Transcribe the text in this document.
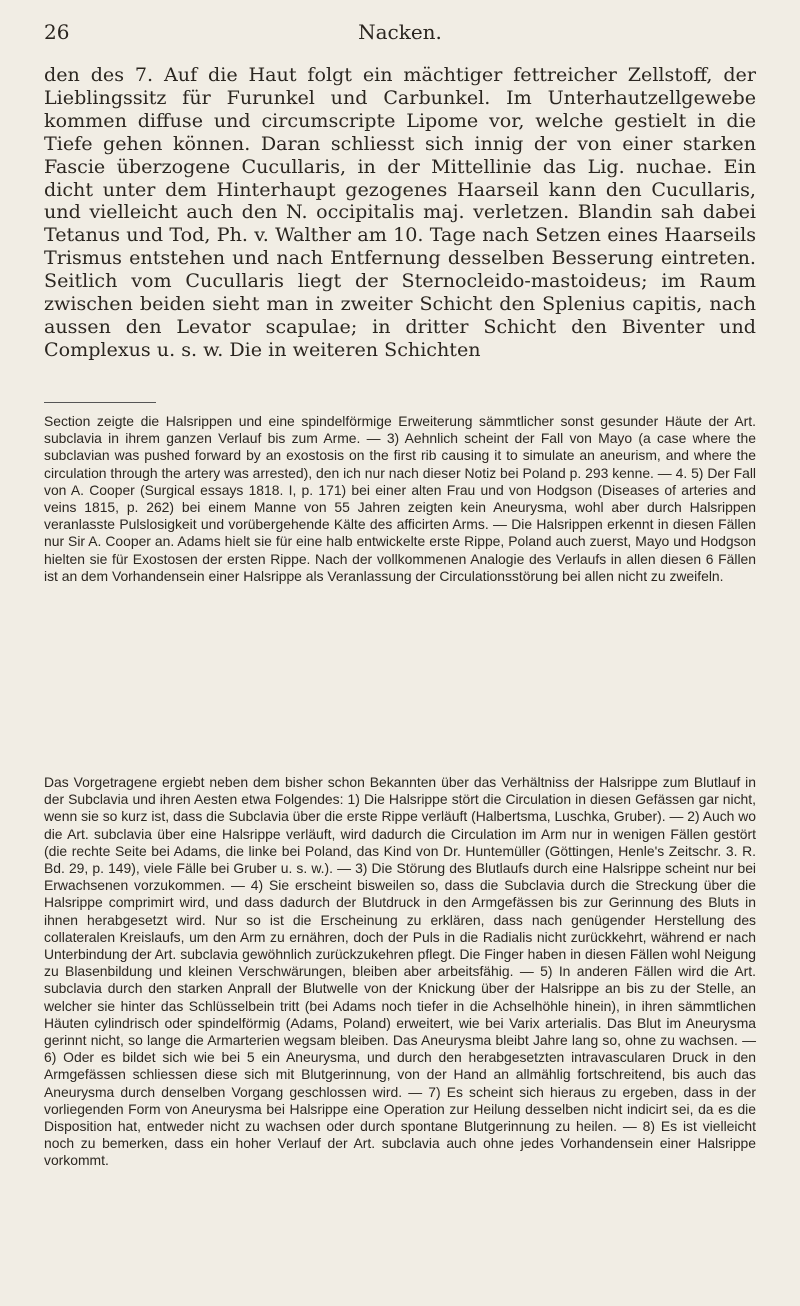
26	Nacken.

den des 7. Auf die Haut folgt ein mächtiger fettreicher Zellstoff, der Lieblingssitz für Furunkel und Carbunkel. Im Unterhautzellgewebe kommen diffuse und circumscripte Lipome vor, welche gestielt in die Tiefe gehen können. Daran schliesst sich innig der von einer starken Fascie überzogene Cucullaris, in der Mittellinie das Lig. nuchae. Ein dicht unter dem Hinterhaupt gezogenes Haarseil kann den Cucullaris, und vielleicht auch den N. occipitalis maj. verletzen. Blandin sah dabei Tetanus und Tod, Ph. v. Walther am 10. Tage nach Setzen eines Haarseils Trismus entstehen und nach Entfernung desselben Besserung eintreten. Seitlich vom Cucullaris liegt der Sternocleido-mastoideus; im Raum zwischen beiden sieht man in zweiter Schicht den Splenius capitis, nach aussen den Levator scapulae; in dritter Schicht den Biventer und Complexus u. s. w. Die in weiteren Schichten

Section zeigte die Halsrippen und eine spindelförmige Erweiterung sämmtlicher sonst gesunder Häute der Art. subclavia in ihrem ganzen Verlauf bis zum Arme. — 3) Aehnlich scheint der Fall von Mayo (a case where the subclavian was pushed forward by an exostosis on the first rib causing it to simulate an aneurism, and where the circulation through the artery was arrested), den ich nur nach dieser Notiz bei Poland p. 293 kenne. — 4. 5) Der Fall von A. Cooper (Surgical essays 1818. I, p. 171) bei einer alten Frau und von Hodgson (Diseases of arteries and veins 1815, p. 262) bei einem Manne von 55 Jahren zeigten kein Aneurysma, wohl aber durch Halsrippen veranlasste Pulslosigkeit und vorübergehende Kälte des afficirten Arms. — Die Halsrippen erkennt in diesen Fällen nur Sir A. Cooper an. Adams hielt sie für eine halb entwickelte erste Rippe, Poland auch zuerst, Mayo und Hodgson hielten sie für Exostosen der ersten Rippe. Nach der vollkommenen Analogie des Verlaufs in allen diesen 6 Fällen ist an dem Vorhandensein einer Halsrippe als Veranlassung der Circulationsstörung bei allen nicht zu zweifeln.

Das Vorgetragene ergiebt neben dem bisher schon Bekannten über das Verhältniss der Halsrippe zum Blutlauf in der Subclavia und ihren Aesten etwa Folgendes: 1) Die Halsrippe stört die Circulation in diesen Gefässen gar nicht, wenn sie so kurz ist, dass die Subclavia über die erste Rippe verläuft (Halbertsma, Luschka, Gruber). — 2) Auch wo die Art. subclavia über eine Halsrippe verläuft, wird dadurch die Circulation im Arm nur in wenigen Fällen gestört (die rechte Seite bei Adams, die linke bei Poland, das Kind von Dr. Huntemüller (Göttingen, Henle's Zeitschr. 3. R. Bd. 29, p. 149), viele Fälle bei Gruber u. s. w.). — 3) Die Störung des Blutlaufs durch eine Halsrippe scheint nur bei Erwachsenen vorzukommen. — 4) Sie erscheint bisweilen so, dass die Subclavia durch die Streckung über die Halsrippe comprimirt wird, und dass dadurch der Blutdruck in den Armgefässen bis zur Gerinnung des Bluts in ihnen herabgesetzt wird. Nur so ist die Erscheinung zu erklären, dass nach genügender Herstellung des collateralen Kreislaufs, um den Arm zu ernähren, doch der Puls in die Radialis nicht zurückkehrt, während er nach Unterbindung der Art. subclavia gewöhnlich zurückzukehren pflegt. Die Finger haben in diesen Fällen wohl Neigung zu Blasenbildung und kleinen Verschwärungen, bleiben aber arbeitsfähig. — 5) In anderen Fällen wird die Art. subclavia durch den starken Anprall der Blutwelle von der Knickung über der Halsrippe an bis zu der Stelle, an welcher sie hinter das Schlüsselbein tritt (bei Adams noch tiefer in die Achselhöhle hinein), in ihren sämmtlichen Häuten cylindrisch oder spindelförmig (Adams, Poland) erweitert, wie bei Varix arterialis. Das Blut im Aneurysma gerinnt nicht, so lange die Armarterien wegsam bleiben. Das Aneurysma bleibt Jahre lang so, ohne zu wachsen. — 6) Oder es bildet sich wie bei 5 ein Aneurysma, und durch den herabgesetzten intravascularen Druck in den Armgefässen schliessen diese sich mit Blutgerinnung, von der Hand an allmählig fortschreitend, bis auch das Aneurysma durch denselben Vorgang geschlossen wird. — 7) Es scheint sich hieraus zu ergeben, dass in der vorliegenden Form von Aneurysma bei Halsrippe eine Operation zur Heilung desselben nicht indicirt sei, da es die Disposition hat, entweder nicht zu wachsen oder durch spontane Blutgerinnung zu heilen. — 8) Es ist vielleicht noch zu bemerken, dass ein hoher Verlauf der Art. subclavia auch ohne jedes Vorhandensein einer Halsrippe vorkommt.
